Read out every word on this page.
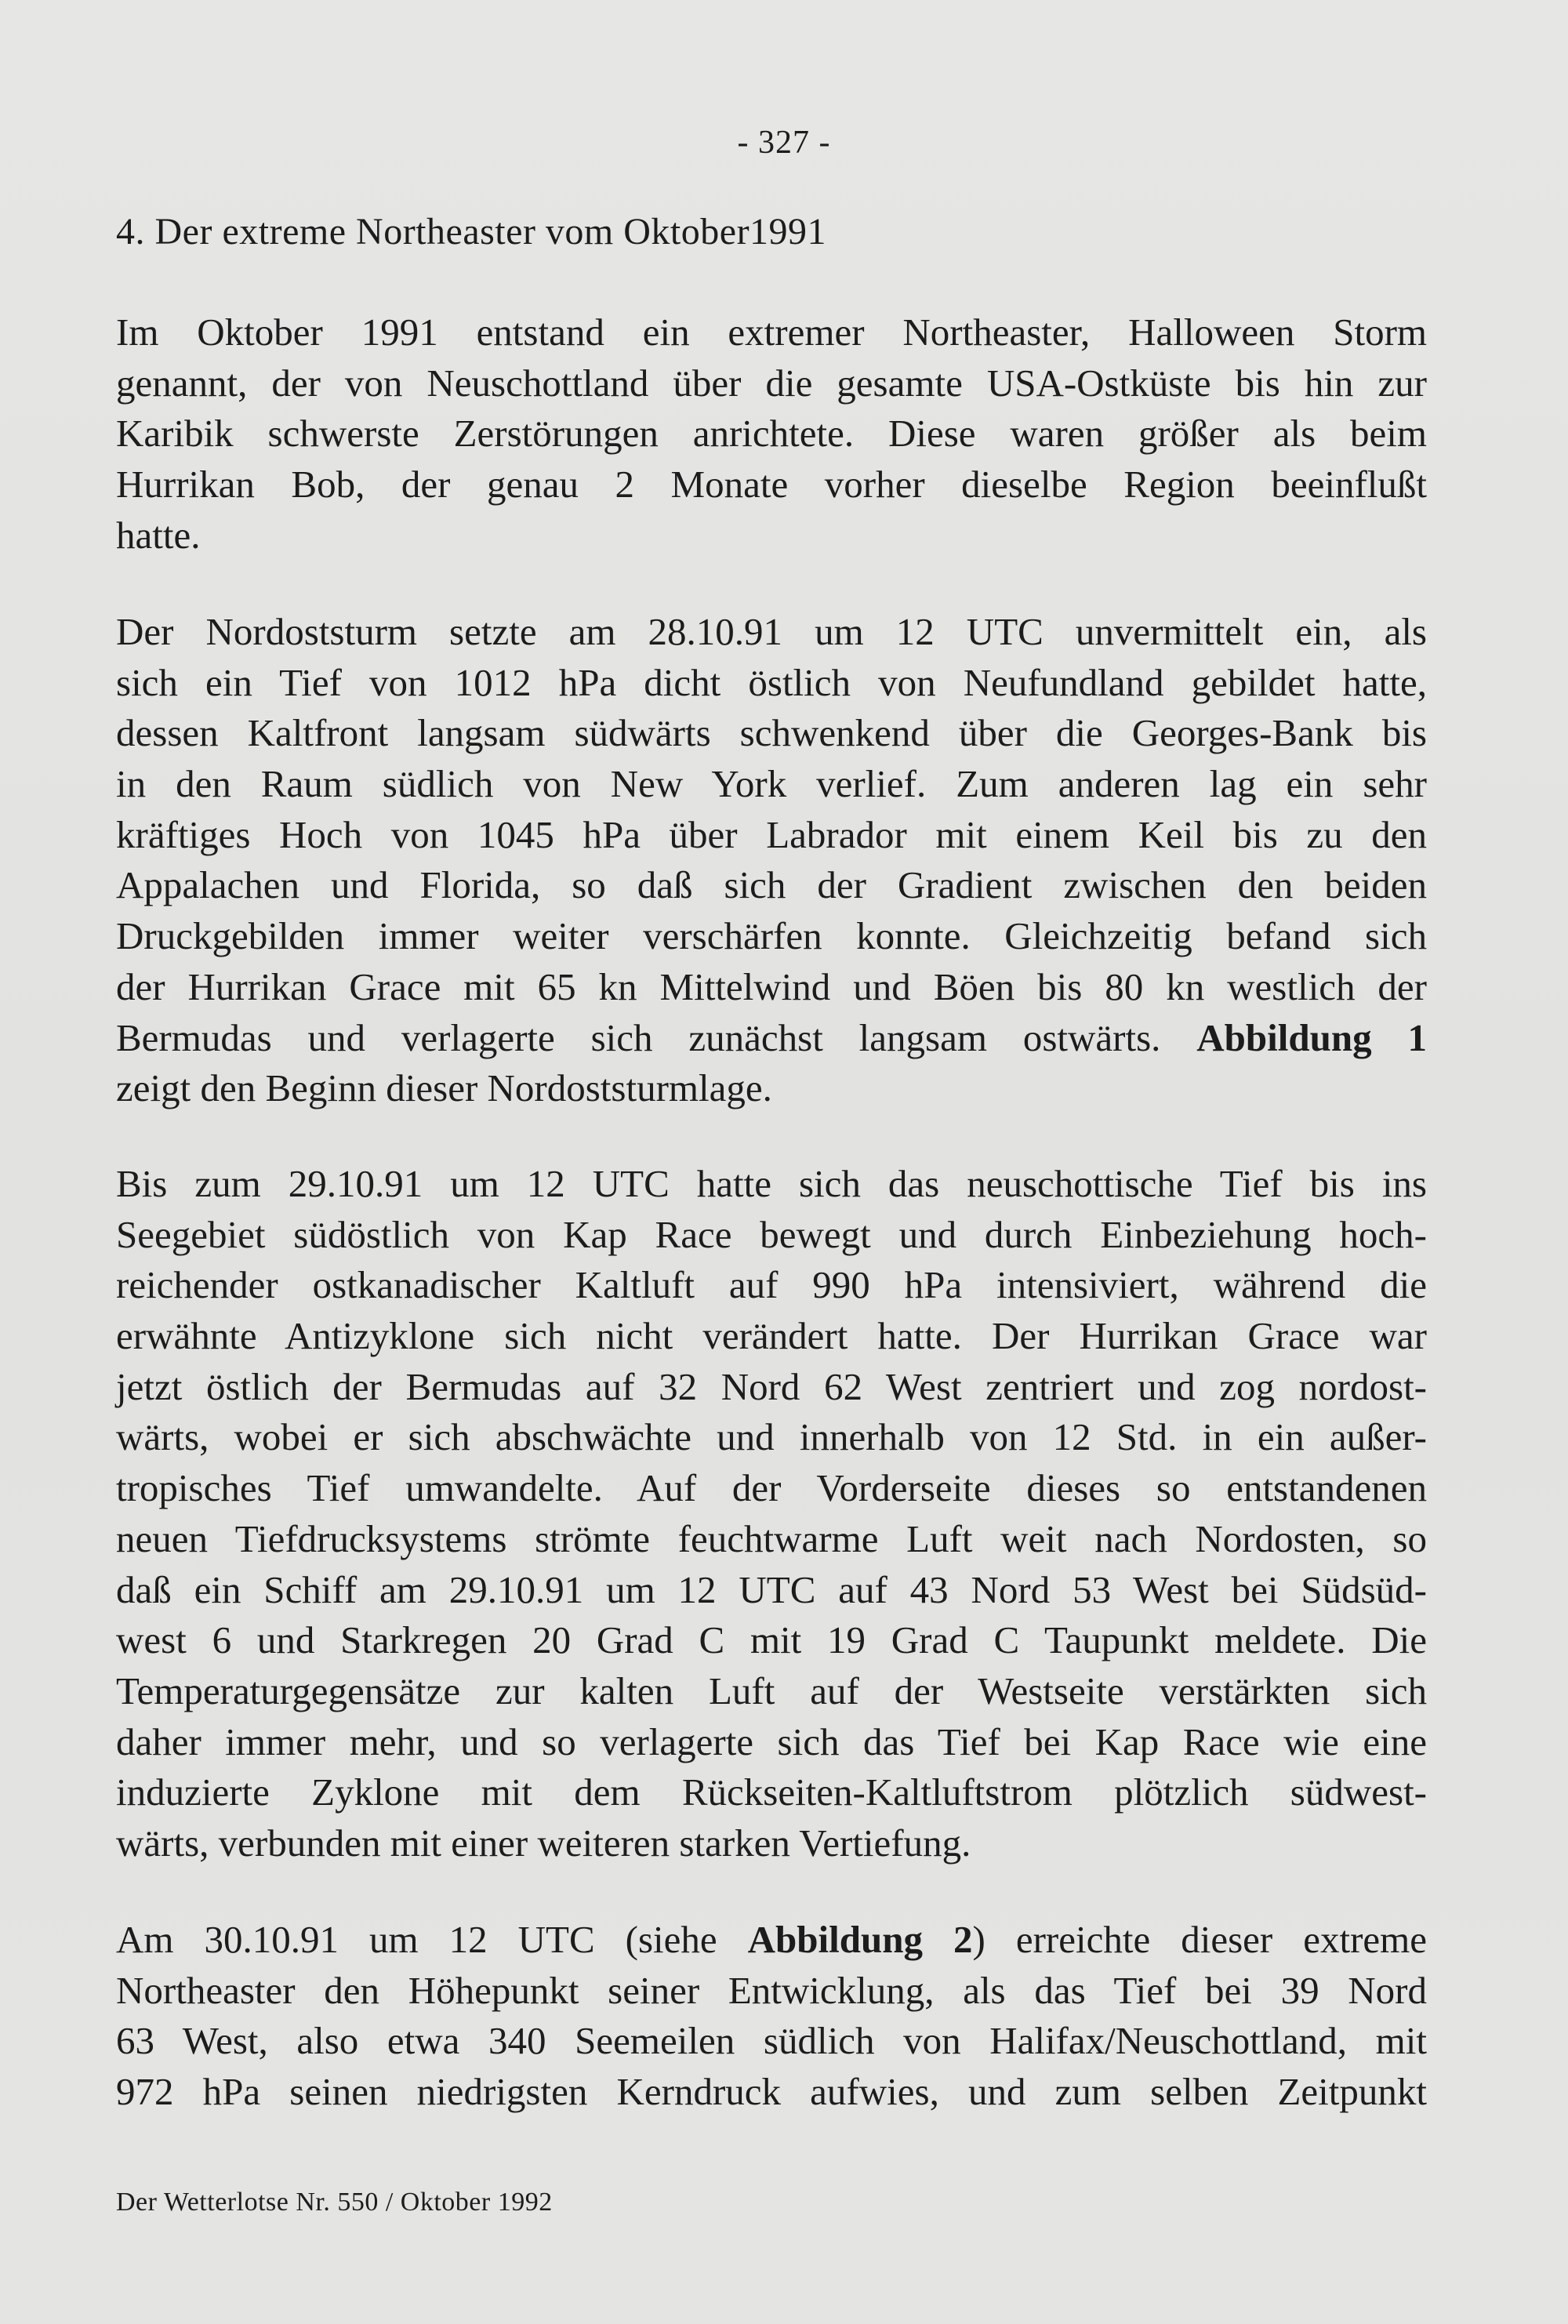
- 327 -
4. Der extreme Northeaster vom Oktober1991
Im Oktober 1991 entstand ein extremer Northeaster, Halloween Storm
genannt, der von Neuschottland über die gesamte USA-Ostküste bis hin zur
Karibik schwerste Zerstörungen anrichtete. Diese waren größer als beim
Hurrikan Bob, der genau 2 Monate vorher dieselbe Region beeinflußt
hatte.
Der Nordoststurm setzte am 28.10.91 um 12 UTC unvermittelt ein, als
sich ein Tief von 1012 hPa dicht östlich von Neufundland gebildet hatte,
dessen Kaltfront langsam südwärts schwenkend über die Georges-Bank bis
in den Raum südlich von New York verlief. Zum anderen lag ein sehr
kräftiges Hoch von 1045 hPa über Labrador mit einem Keil bis zu den
Appalachen und Florida, so daß sich der Gradient zwischen den beiden
Druckgebilden immer weiter verschärfen konnte. Gleichzeitig befand sich
der Hurrikan Grace mit 65 kn Mittelwind und Böen bis 80 kn westlich der
Bermudas und verlagerte sich zunächst langsam ostwärts. Abbildung 1
zeigt den Beginn dieser Nordoststurmlage.
Bis zum 29.10.91 um 12 UTC hatte sich das neuschottische Tief bis ins
Seegebiet südöstlich von Kap Race bewegt und durch Einbeziehung hoch-
reichender ostkanadischer Kaltluft auf 990 hPa intensiviert, während die
erwähnte Antizyklone sich nicht verändert hatte. Der Hurrikan Grace war
jetzt östlich der Bermudas auf 32 Nord 62 West zentriert und zog nordost-
wärts, wobei er sich abschwächte und innerhalb von 12 Std. in ein außer-
tropisches Tief umwandelte. Auf der Vorderseite dieses so entstandenen
neuen Tiefdrucksystems strömte feuchtwarme Luft weit nach Nordosten, so
daß ein Schiff am 29.10.91 um 12 UTC auf 43 Nord 53 West bei Südsüd-
west 6 und Starkregen 20 Grad C mit 19 Grad C Taupunkt meldete. Die
Temperaturgegensätze zur kalten Luft auf der Westseite verstärkten sich
daher immer mehr, und so verlagerte sich das Tief bei Kap Race wie eine
induzierte Zyklone mit dem Rückseiten-Kaltluftstrom plötzlich südwest-
wärts, verbunden mit einer weiteren starken Vertiefung.
Am 30.10.91 um 12 UTC (siehe Abbildung 2) erreichte dieser extreme
Northeaster den Höhepunkt seiner Entwicklung, als das Tief bei 39 Nord
63 West, also etwa 340 Seemeilen südlich von Halifax/Neuschottland, mit
972 hPa seinen niedrigsten Kerndruck aufwies, und zum selben Zeitpunkt
Der Wetterlotse Nr. 550 / Oktober 1992
